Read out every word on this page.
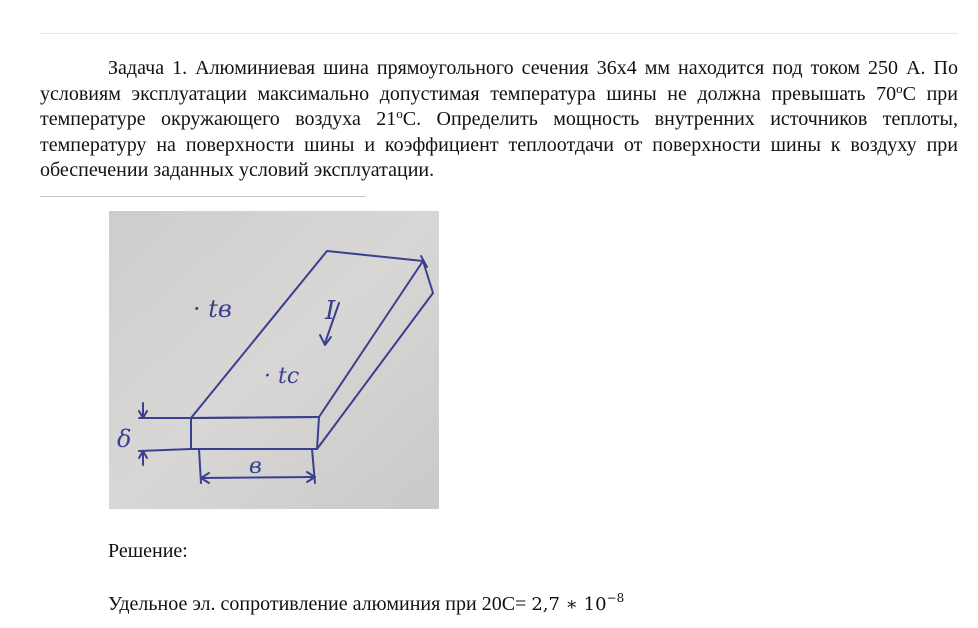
Задача 1. Алюминиевая шина прямоугольного сечения 36х4 мм находится под током 250 А. По условиям эксплуатации максимально допустимая температура шины не должна превышать 70$^o$С при температуре окружающего воздуха 21$^o$С. Определить мощность внутренних источников теплоты, температуру на поверхности шины и коэффициент теплоотдачи от поверхности шины к воздуху при обеспечении заданных условий эксплуатации.

· tв	I
· tс
δ
в
Решение:
Удельное эл. сопротивление алюминия при 20С= 2,7 ∗ $10^{-8}$
